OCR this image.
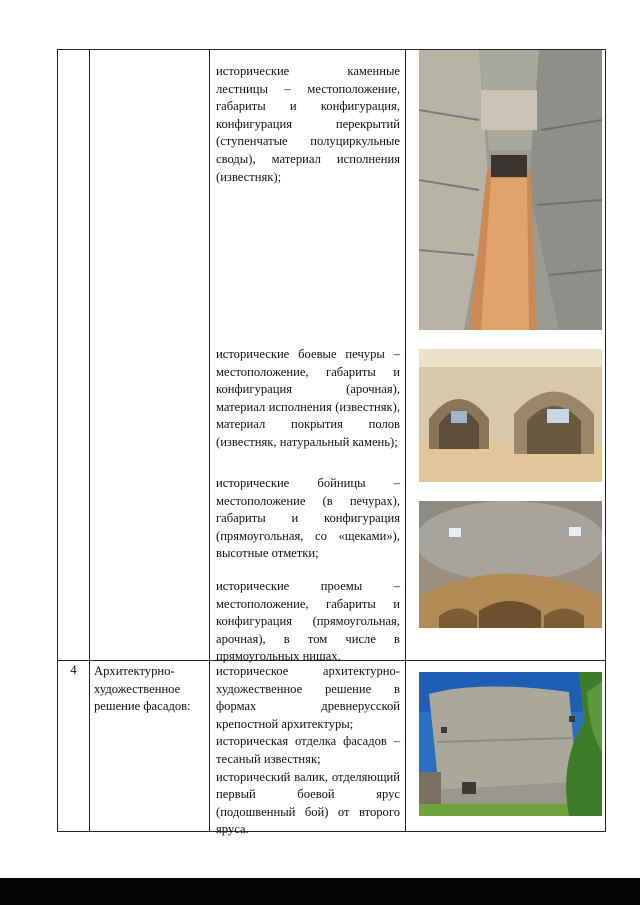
исторические каменные лестницы – местоположение, габариты и конфигурация, конфигурация перекрытий (ступенчатые полуциркульные своды), материал исполнения (известняк);
исторические боевые печуры – местоположение, габариты и конфигурация (арочная), материал исполнения (известняк), материал покрытия полов (известняк, натуральный камень);
исторические бойницы – местоположение (в печурах), габариты и конфигурация (прямоугольная, со «щеками»), высотные отметки;
исторические проемы – местоположение, габариты и конфигурация (прямоугольная, арочная), в том числе в прямоугольных нишах.
4	Архитектурно-художественное решение фасадов:
историческое архитектурно-художественное решение в формах древнерусской крепостной архитектуры;
историческая отделка фасадов – тесаный известняк;
исторический валик, отделяющий первый боевой ярус (подошвенный бой) от второго яруса.
